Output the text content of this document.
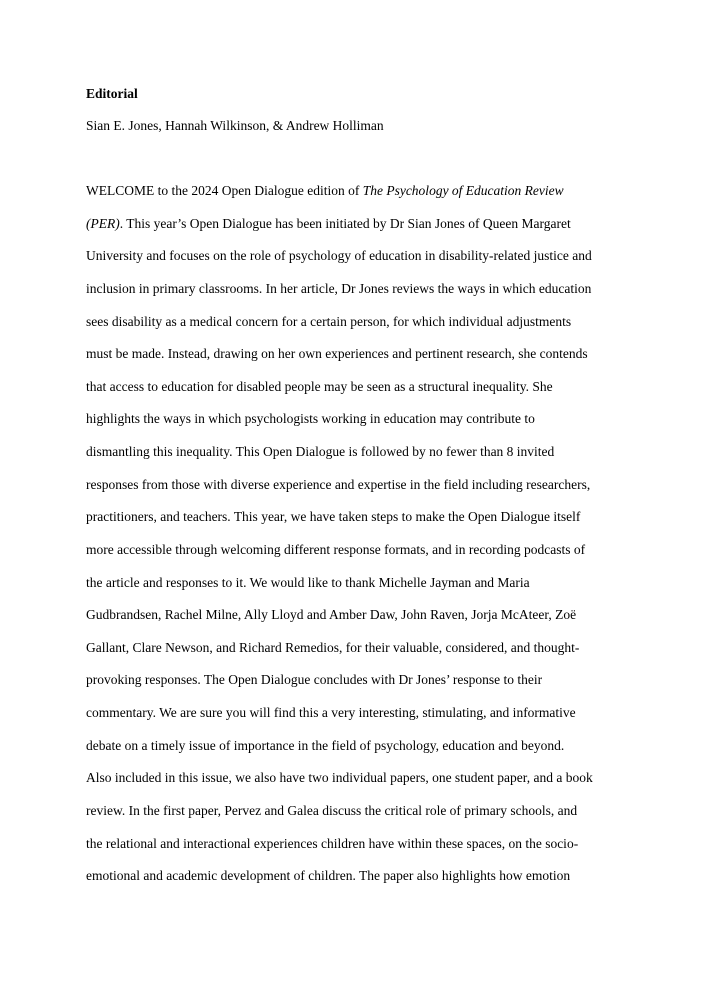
Editorial

Sian E. Jones, Hannah Wilkinson, & Andrew Holliman

WELCOME to the 2024 Open Dialogue edition of The Psychology of Education Review
(PER). This year’s Open Dialogue has been initiated by Dr Sian Jones of Queen Margaret
University and focuses on the role of psychology of education in disability-related justice and
inclusion in primary classrooms. In her article, Dr Jones reviews the ways in which education
sees disability as a medical concern for a certain person, for which individual adjustments
must be made. Instead, drawing on her own experiences and pertinent research, she contends
that access to education for disabled people may be seen as a structural inequality. She
highlights the ways in which psychologists working in education may contribute to
dismantling this inequality. This Open Dialogue is followed by no fewer than 8 invited
responses from those with diverse experience and expertise in the field including researchers,
practitioners, and teachers. This year, we have taken steps to make the Open Dialogue itself
more accessible through welcoming different response formats, and in recording podcasts of
the article and responses to it. We would like to thank Michelle Jayman and Maria
Gudbrandsen, Rachel Milne, Ally Lloyd and Amber Daw, John Raven, Jorja McAteer, Zoë
Gallant, Clare Newson, and Richard Remedios, for their valuable, considered, and thought-
provoking responses. The Open Dialogue concludes with Dr Jones’ response to their
commentary. We are sure you will find this a very interesting, stimulating, and informative
debate on a timely issue of importance in the field of psychology, education and beyond.
Also included in this issue, we also have two individual papers, one student paper, and a book
review. In the first paper, Pervez and Galea discuss the critical role of primary schools, and
the relational and interactional experiences children have within these spaces, on the socio-
emotional and academic development of children. The paper also highlights how emotion
